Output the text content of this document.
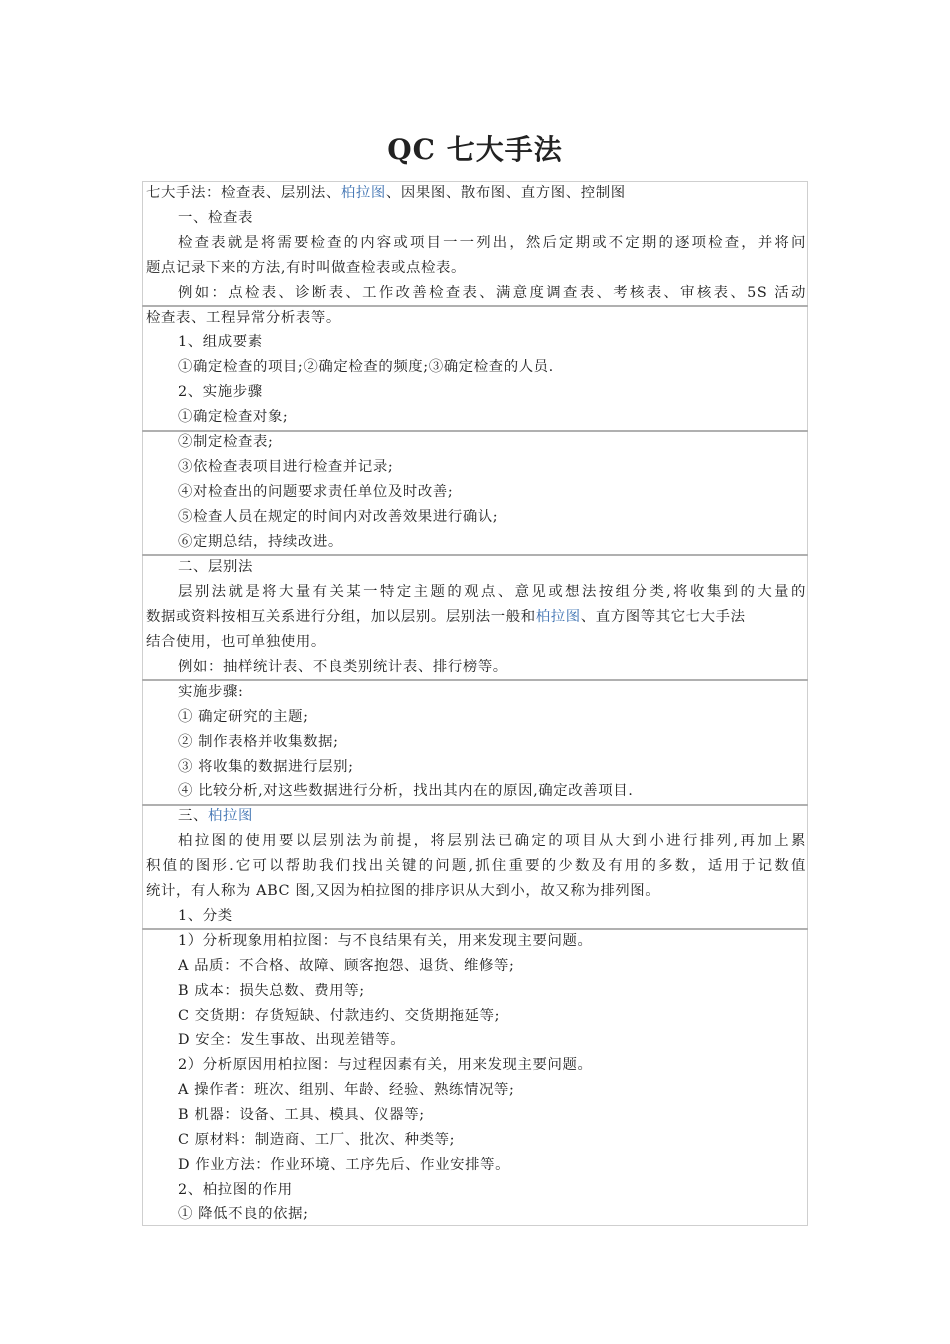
QC 七大手法
七大手法：检查表、层别法、柏拉图、因果图、散布图、直方图、控制图
一、检查表
检查表就是将需要检查的内容或项目一一列出，然后定期或不定期的逐项检查，并将问
题点记录下来的方法,有时叫做查检表或点检表。
例如：点检表、诊断表、工作改善检查表、满意度调查表、考核表、审核表、5S 活动
检查表、工程异常分析表等。
1、组成要素
①确定检查的项目;②确定检查的频度;③确定检查的人员.
2、实施步骤
①确定检查对象;
②制定检查表;
③依检查表项目进行检查并记录;
④对检查出的问题要求责任单位及时改善;
⑤检查人员在规定的时间内对改善效果进行确认;
⑥定期总结，持续改进。
二、层别法
层别法就是将大量有关某一特定主题的观点、意见或想法按组分类,将收集到的大量的
数据或资料按相互关系进行分组，加以层别。层别法一般和柏拉图、直方图等其它七大手法
结合使用，也可单独使用。
例如：抽样统计表、不良类别统计表、排行榜等。
实施步骤:
① 确定研究的主题;
② 制作表格并收集数据;
③ 将收集的数据进行层别;
④ 比较分析,对这些数据进行分析，找出其内在的原因,确定改善项目.
三、柏拉图
柏拉图的使用要以层别法为前提，将层别法已确定的项目从大到小进行排列,再加上累
积值的图形.它可以帮助我们找出关键的问题,抓住重要的少数及有用的多数，适用于记数值
统计，有人称为 ABC 图,又因为柏拉图的排序识从大到小，故又称为排列图。
1、分类
1）分析现象用柏拉图：与不良结果有关，用来发现主要问题。
A 品质：不合格、故障、顾客抱怨、退货、维修等;
B 成本：损失总数、费用等;
C 交货期：存货短缺、付款违约、交货期拖延等;
D 安全：发生事故、出现差错等。
2）分析原因用柏拉图：与过程因素有关，用来发现主要问题。
A 操作者：班次、组别、年龄、经验、熟练情况等;
B 机器：设备、工具、模具、仪器等;
C 原材料：制造商、工厂、批次、种类等;
D 作业方法：作业环境、工序先后、作业安排等。
2、柏拉图的作用
① 降低不良的依据;
